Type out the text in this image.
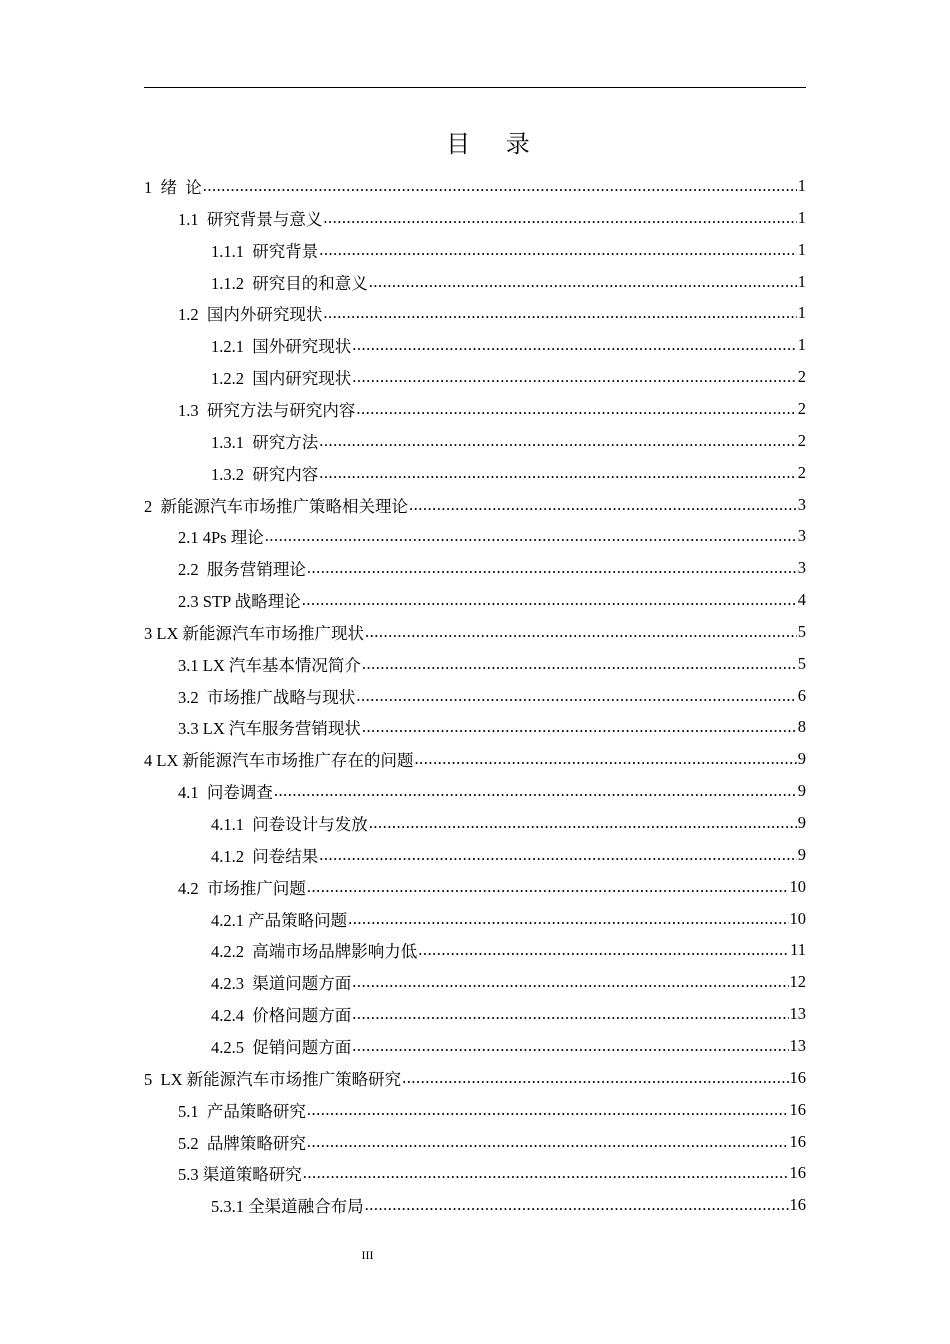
目 录
1  绪  论 .....	1
1.1  研究背景与意义 .....	1
1.1.1  研究背景 .....	1
1.1.2  研究目的和意义 .....	1
1.2  国内外研究现状 .....	1
1.2.1  国外研究现状 .....	1
1.2.2  国内研究现状 .....	2
1.3  研究方法与研究内容 .....	2
1.3.1  研究方法 .....	2
1.3.2  研究内容 .....	2
2  新能源汽车市场推广策略相关理论 .....	3
2.1 4Ps 理论 .....	3
2.2  服务营销理论 .....	3
2.3 STP 战略理论 .....	4
3 LX 新能源汽车市场推广现状 .....	5
3.1 LX 汽车基本情况简介 .....	5
3.2  市场推广战略与现状 .....	6
3.3 LX 汽车服务营销现状 .....	8
4 LX 新能源汽车市场推广存在的问题 .....	9
4.1  问卷调查 .....	9
4.1.1  问卷设计与发放 .....	9
4.1.2  问卷结果 .....	9
4.2  市场推广问题 .....	10
4.2.1 产品策略问题 .....	10
4.2.2  高端市场品牌影响力低 .....	11
4.2.3  渠道问题方面 .....	12
4.2.4  价格问题方面 .....	13
4.2.5  促销问题方面 .....	13
5  LX 新能源汽车市场推广策略研究 .....	16
5.1  产品策略研究 .....	16
5.2  品牌策略研究 .....	16
5.3 渠道策略研究 .....	16
5.3.1 全渠道融合布局 .....	16
III
